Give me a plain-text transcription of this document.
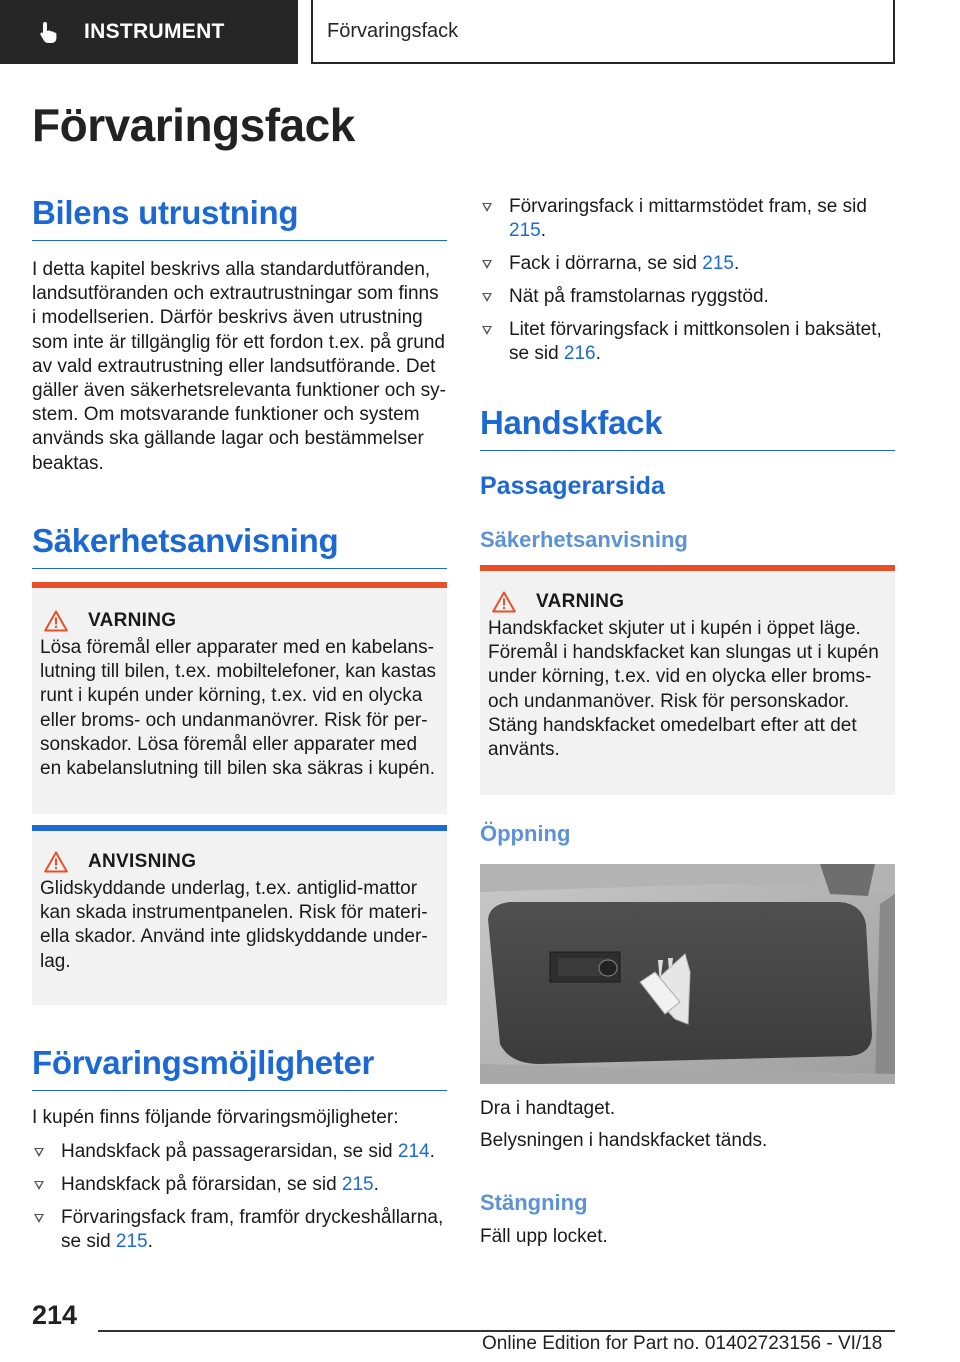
INSTRUMENT	Förvaringsfack
Förvaringsfack
Bilens utrustning

I detta kapitel beskrivs alla standardutföranden, landsutföranden och extrautrustningar som finns i modellserien. Därför beskrivs även utrustning som inte är tillgänglig för ett fordon t.ex. på grund av vald extrautrustning eller landsutförande. Det gäller även säkerhetsrelevanta funktioner och sy-stem. Om motsvarande funktioner och system används ska gällande lagar och bestämmelser beaktas.

Säkerhetsanvisning
VARNING
Lösa föremål eller apparater med en kabelans-lutning till bilen, t.ex. mobiltelefoner, kan kastas runt i kupén under körning, t.ex. vid en olycka eller broms- och undanmanövrer. Risk för per-sonskador. Lösa föremål eller apparater med en kabelanslutning till bilen ska säkras i kupén.
ANVISNING
Glidskyddande underlag, t.ex. antiglid-mattor kan skada instrumentpanelen. Risk för materi-ella skador. Använd inte glidskyddande under-lag.
Förvaringsmöjligheter

I kupén finns följande förvaringsmöjligheter:

Handskfack på passagerarsidan, se sid 214.
Handskfack på förarsidan, se sid 215.
Förvaringsfack fram, framför dryckeshållarna, se sid 215.
Förvaringsfack i mittarmstödet fram, se sid 215.
Fack i dörrarna, se sid 215.
Nät på framstolarnas ryggstöd.
Litet förvaringsfack i mittkonsolen i baksätet, se sid 216.
Handskfack
Passagerarsida
Säkerhetsanvisning
VARNING
Handskfacket skjuter ut i kupén i öppet läge. Föremål i handskfacket kan slungas ut i kupén under körning, t.ex. vid en olycka eller broms- och undanmanöver. Risk för personskador. Stäng handskfacket omedelbart efter att det använts.
Öppning

Dra i handtaget.

Belysningen i handskfacket tänds.

Stängning

Fäll upp locket.

214
Online Edition for Part no. 01402723156 - VI/18
